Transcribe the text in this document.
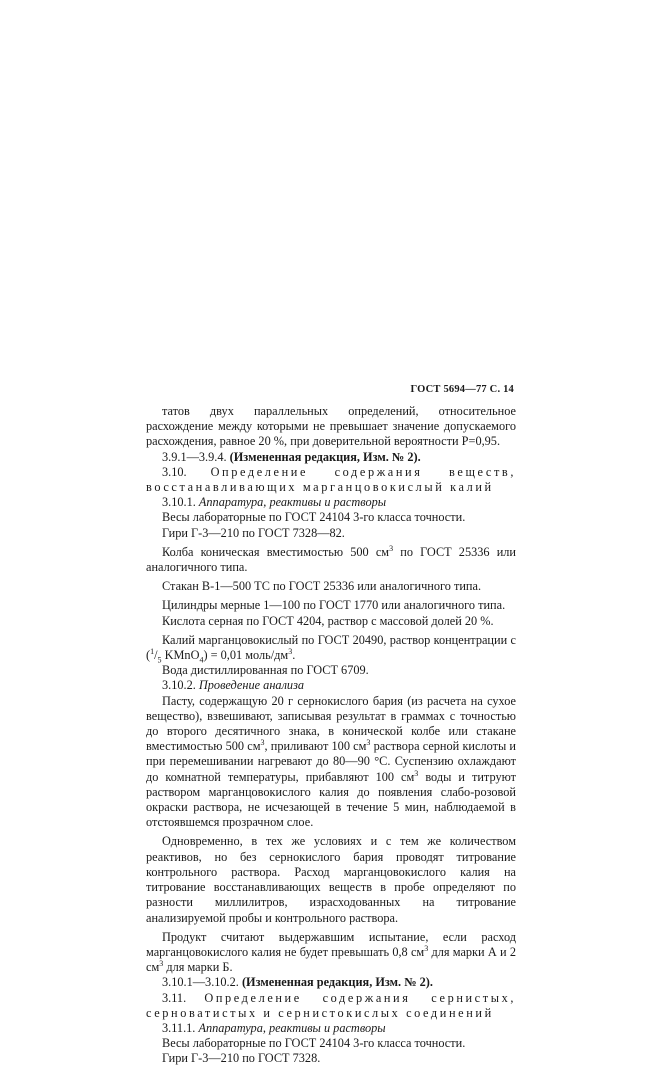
ГОСТ 5694—77 С. 14

татов двух параллельных определений, относительное расхождение между которыми не превышает значение допускаемого расхождения, равное 20 %, при доверительной вероятности P=0,95.

3.9.1—3.9.4. (Измененная редакция, Изм. № 2).

3.10. Определение содержания веществ, восстанавливающих марганцовокислый калий

3.10.1. Аппаратура, реактивы и растворы

Весы лабораторные по ГОСТ 24104 3-го класса точности.

Гири Г-3—210 по ГОСТ 7328—82.

Колба коническая вместимостью 500 $см^3$ по ГОСТ 25336 или аналогичного типа.

Стакан В-1—500 ТС по ГОСТ 25336 или аналогичного типа.

Цилиндры мерные 1—100 по ГОСТ 1770 или аналогичного типа.

Кислота серная по ГОСТ 4204, раствор с массовой долей 20 %.

Калий марганцовокислый по ГОСТ 20490, раствор концентрации c ($^1/_5$ KMnO$_4$) = 0,01 моль/$дм^3$.

Вода дистиллированная по ГОСТ 6709.

3.10.2. Проведение анализа

Пасту, содержащую 20 г сернокислого бария (из расчета на сухое вещество), взвешивают, записывая результат в граммах с точностью до второго десятичного знака, в конической колбе или стакане вместимостью 500 $см^3$, приливают 100 $см^3$ раствора серной кислоты и при перемешивании нагревают до 80—90 °С. Суспензию охлаждают до комнатной температуры, прибавляют 100 $см^3$ воды и титруют раствором марганцовокислого калия до появления слабо-розовой окраски раствора, не исчезающей в течение 5 мин, наблюдаемой в отстоявшемся прозрачном слое.

Одновременно, в тех же условиях и с тем же количеством реактивов, но без сернокислого бария проводят титрование контрольного раствора. Расход марганцовокислого калия на титрование восстанавливающих веществ в пробе определяют по разности миллилитров, израсходованных на титрование анализируемой пробы и контрольного раствора.

Продукт считают выдержавшим испытание, если расход марганцовокислого калия не будет превышать 0,8 $см^3$ для марки А и 2 $см^3$ для марки Б.

3.10.1—3.10.2. (Измененная редакция, Изм. № 2).

3.11. Определение содержания сернистых, серноватистых и сернистокислых соединений

3.11.1. Аппаратура, реактивы и растворы

Весы лабораторные по ГОСТ 24104 3-го класса точности.

Гири Г-3—210 по ГОСТ 7328.
